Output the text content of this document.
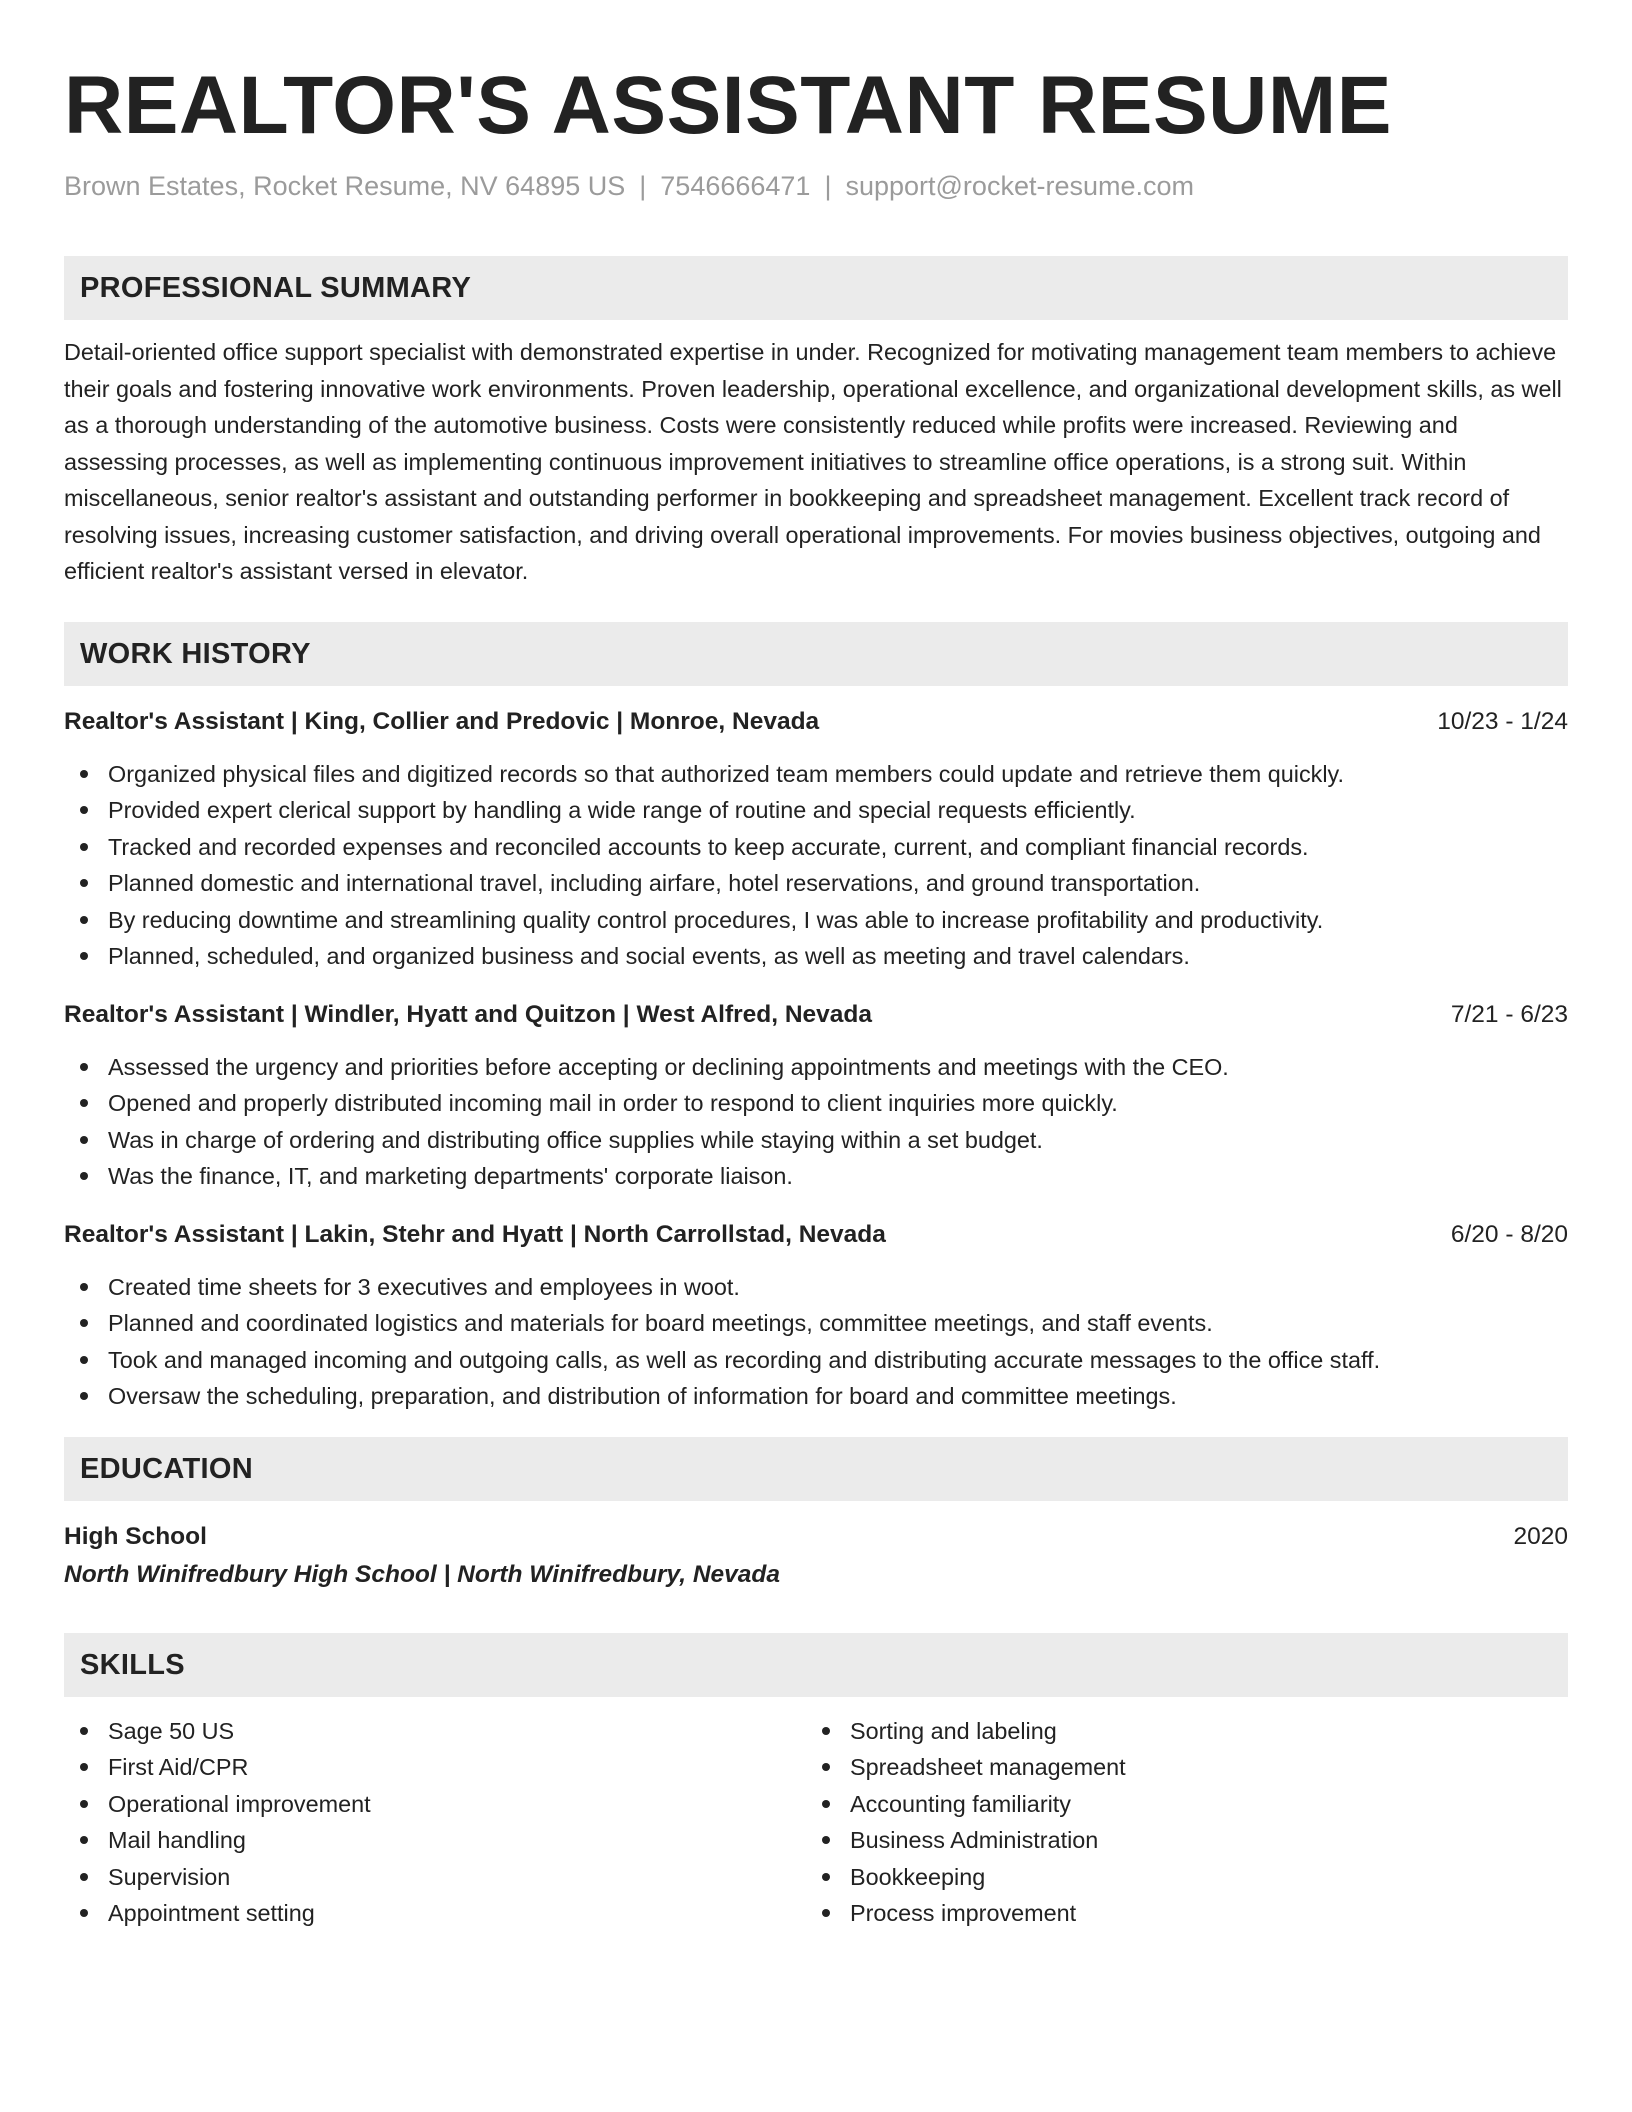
REALTOR'S ASSISTANT RESUME
Brown Estates, Rocket Resume, NV 64895 US | 7546666471 | support@rocket-resume.com
PROFESSIONAL SUMMARY

Detail-oriented office support specialist with demonstrated expertise in under. Recognized for motivating management team members to achieve their goals and fostering innovative work environments. Proven leadership, operational excellence, and organizational development skills, as well as a thorough understanding of the automotive business. Costs were consistently reduced while profits were increased. Reviewing and assessing processes, as well as implementing continuous improvement initiatives to streamline office operations, is a strong suit. Within miscellaneous, senior realtor's assistant and outstanding performer in bookkeeping and spreadsheet management. Excellent track record of resolving issues, increasing customer satisfaction, and driving overall operational improvements. For movies business objectives, outgoing and efficient realtor's assistant versed in elevator.

WORK HISTORY
Realtor's Assistant | King, Collier and Predovic | Monroe, Nevada	10/23 - 1/24
Organized physical files and digitized records so that authorized team members could update and retrieve them quickly.
Provided expert clerical support by handling a wide range of routine and special requests efficiently.
Tracked and recorded expenses and reconciled accounts to keep accurate, current, and compliant financial records.
Planned domestic and international travel, including airfare, hotel reservations, and ground transportation.
By reducing downtime and streamlining quality control procedures, I was able to increase profitability and productivity.
Planned, scheduled, and organized business and social events, as well as meeting and travel calendars.
Realtor's Assistant | Windler, Hyatt and Quitzon | West Alfred, Nevada	7/21 - 6/23
Assessed the urgency and priorities before accepting or declining appointments and meetings with the CEO.
Opened and properly distributed incoming mail in order to respond to client inquiries more quickly.
Was in charge of ordering and distributing office supplies while staying within a set budget.
Was the finance, IT, and marketing departments' corporate liaison.
Realtor's Assistant | Lakin, Stehr and Hyatt | North Carrollstad, Nevada	6/20 - 8/20
Created time sheets for 3 executives and employees in woot.
Planned and coordinated logistics and materials for board meetings, committee meetings, and staff events.
Took and managed incoming and outgoing calls, as well as recording and distributing accurate messages to the office staff.
Oversaw the scheduling, preparation, and distribution of information for board and committee meetings.
EDUCATION
High School	2020
North Winifredbury High School | North Winifredbury, Nevada
SKILLS
Sage 50 US
First Aid/CPR
Operational improvement
Mail handling
Supervision
Appointment setting
Sorting and labeling
Spreadsheet management
Accounting familiarity
Business Administration
Bookkeeping
Process improvement
